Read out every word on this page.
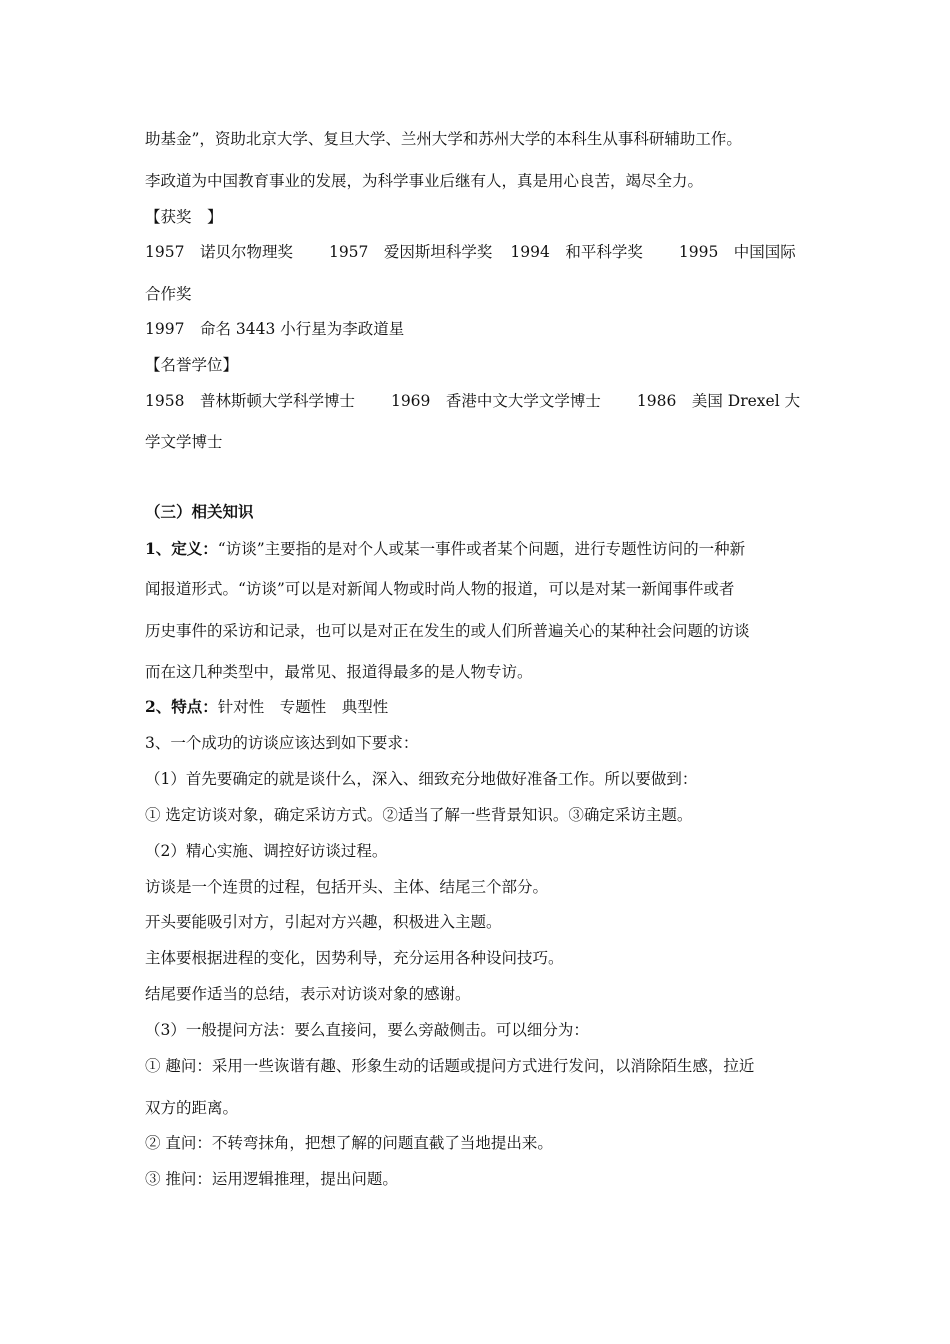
助基金”，资助北京大学、复旦大学、兰州大学和苏州大学的本科生从事科研辅助工作。
李政道为中国教育事业的发展，为科学事业后继有人，真是用心良苦，竭尽全力。
【获奖　】
1957　诺贝尔物理奖 1957　爱因斯坦科学奖 1994　和平科学奖 1995　中国国际
合作奖
1997　命名 3443 小行星为李政道星
【名誉学位】
1958　普林斯顿大学科学博士 1969　香港中文大学文学博士 1986　美国 Drexel 大
学文学博士
（三）相关知识
1、定义：“访谈”主要指的是对个人或某一事件或者某个问题，进行专题性访问的一种新
闻报道形式。“访谈”可以是对新闻人物或时尚人物的报道，可以是对某一新闻事件或者
历史事件的采访和记录，也可以是对正在发生的或人们所普遍关心的某种社会问题的访谈
而在这几种类型中，最常见、报道得最多的是人物专访。
2、特点：针对性　专题性　典型性
3、一个成功的访谈应该达到如下要求：
（1）首先要确定的就是谈什么，深入、细致充分地做好准备工作。所以要做到：
① 选定访谈对象，确定采访方式。②适当了解一些背景知识。③确定采访主题。
（2）精心实施、调控好访谈过程。
访谈是一个连贯的过程，包括开头、主体、结尾三个部分。
开头要能吸引对方，引起对方兴趣，积极进入主题。
主体要根据进程的变化，因势利导，充分运用各种设问技巧。
结尾要作适当的总结，表示对访谈对象的感谢。
（3）一般提问方法：要么直接问，要么旁敲侧击。可以细分为：
① 趣问：采用一些诙谐有趣、形象生动的话题或提问方式进行发问，以消除陌生感，拉近
双方的距离。
② 直问：不转弯抹角，把想了解的问题直截了当地提出来。
③ 推问：运用逻辑推理，提出问题。
